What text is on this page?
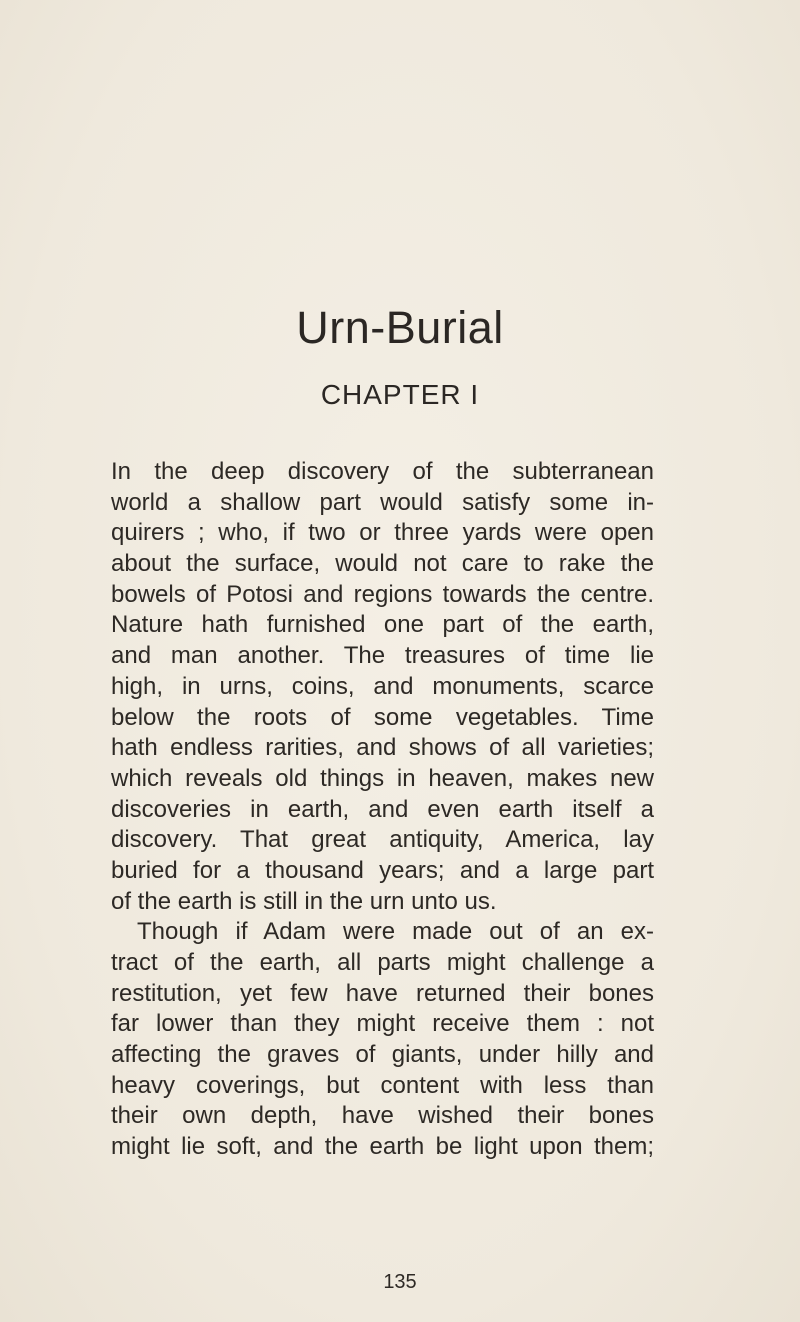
Urn-Burial
CHAPTER I
In the deep discovery of the subterranean
world a shallow part would satisfy some in-
quirers ; who, if two or three yards were open
about the surface, would not care to rake the
bowels of Potosi and regions towards the centre.
Nature hath furnished one part of the earth,
and man another. The treasures of time lie
high, in urns, coins, and monuments, scarce
below the roots of some vegetables. Time
hath endless rarities, and shows of all varieties;
which reveals old things in heaven, makes new
discoveries in earth, and even earth itself a
discovery. That great antiquity, America, lay
buried for a thousand years; and a large part
of the earth is still in the urn unto us.
Though if Adam were made out of an ex-
tract of the earth, all parts might challenge a
restitution, yet few have returned their bones
far lower than they might receive them : not
affecting the graves of giants, under hilly and
heavy coverings, but content with less than
their own depth, have wished their bones
might lie soft, and the earth be light upon them;
135
